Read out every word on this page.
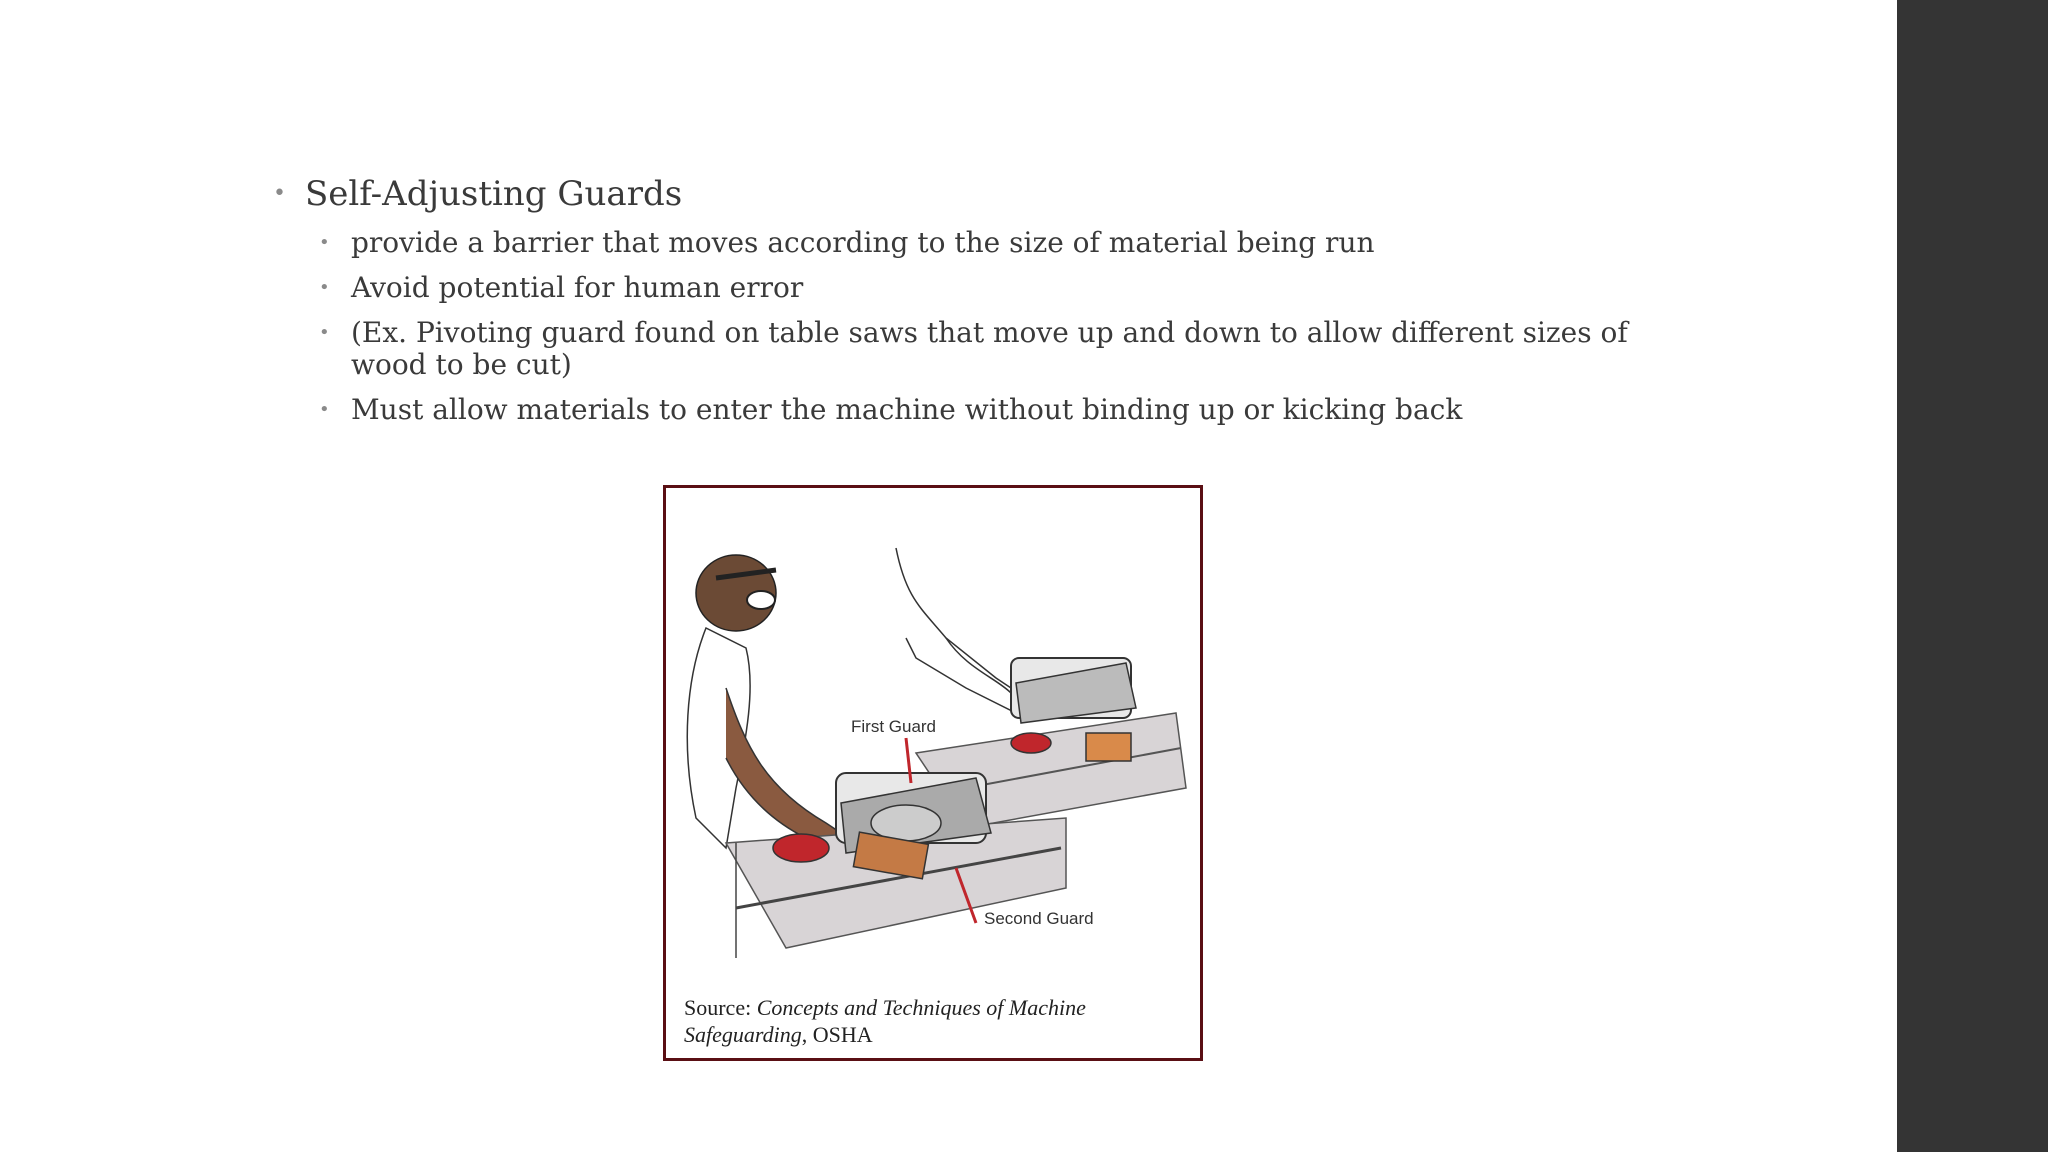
• Self-Adjusting Guards
• provide a barrier that moves according to the size of material being run
• Avoid potential for human error
• (Ex. Pivoting guard found on table saws that move up and down to allow different sizes of wood to be cut)
• Must allow materials to enter the machine without binding up or kicking back
First Guard
Second Guard
Source: Concepts and Techniques of Machine Safeguarding, OSHA
